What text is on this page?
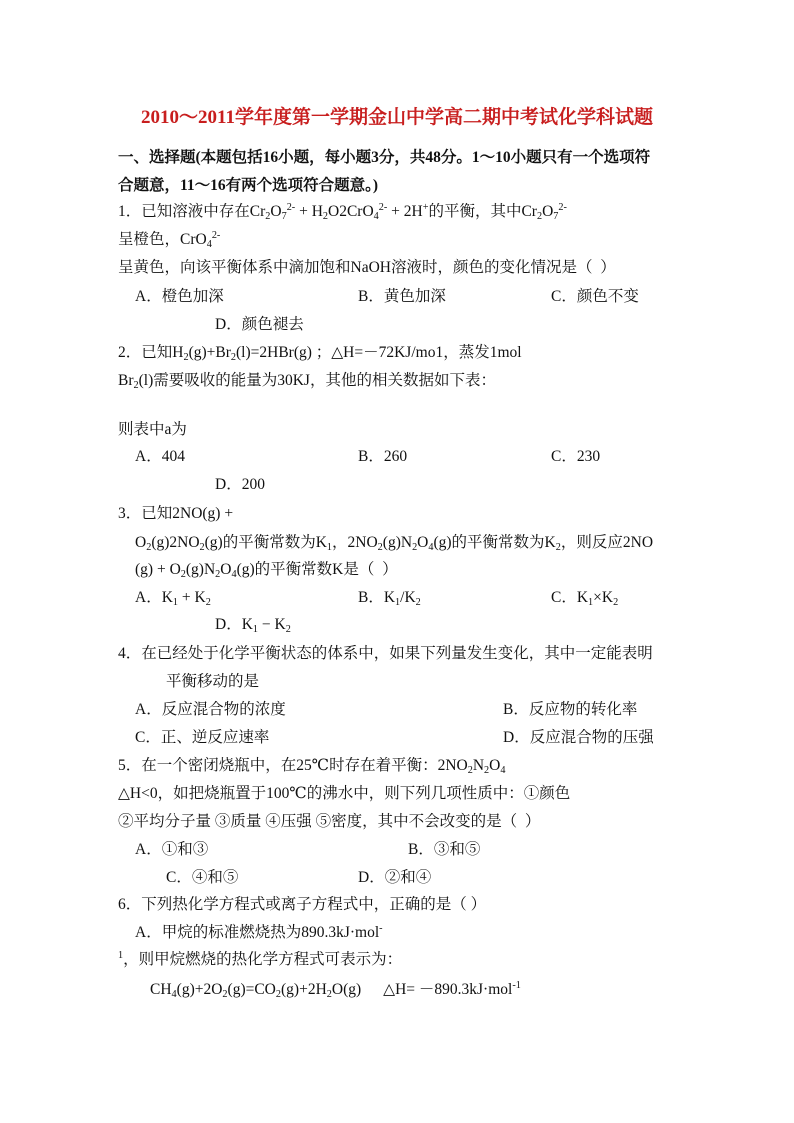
2010～2011学年度第一学期金山中学高二期中考试化学科试题
一、选择题(本题包括16小题，每小题3分，共48分。1～10小题只有一个选项符
合题意，11～16有两个选项符合题意。)
1．已知溶液中存在$Cr_2O_7^{2-} + H_2O2CrO_4^{2-} + 2H^+$的平衡，其中$Cr_2O_7^{2-}$
呈橙色，CrO$_4^{2-}$
呈黄色，向该平衡体系中滴加饱和NaOH溶液时，颜色的变化情况是（  ）
A．橙色加深	B．黄色加深	C．颜色不变
D．颜色褪去
2．已知$H_2(g)+Br_2(l)=2HBr(g)$ ；△H=－72KJ/mo1，蒸发1mol
$Br_2(l)$需要吸收的能量为30KJ，其他的相关数据如下表：
则表中a为
A．404	B．260	C．230
D．200
3．已知2NO(g) +
$O_2(g)2NO_2(g)$的平衡常数为$K_1$，$2NO_2(g)N_2O_4(g)$的平衡常数为$K_2$，则反应2NO
$(g) + O_2(g)N_2O_4(g)$的平衡常数K是（  ）
A．$K_1 + K_2$	B．$K_1/K_2$	C．$K_1\times K_2$
D．$K_1 - K_2$
4．在已经处于化学平衡状态的体系中，如果下列量发生变化，其中一定能表明
平衡移动的是
A．反应混合物的浓度	B．反应物的转化率
C．正、逆反应速率	D．反应混合物的压强
5．在一个密闭烧瓶中，在25℃时存在着平衡：$2NO_2N_2O_4$
△H<0，如把烧瓶置于100℃的沸水中，则下列几项性质中：①颜色
②平均分子量 ③质量 ④压强 ⑤密度，其中不会改变的是（  ）
A．①和③	B．③和⑤
C．④和⑤	D．②和④
6．下列热化学方程式或离子方程式中，正确的是（ ）
A．甲烷的标准燃烧热为890.3kJ·mol-
$^1$，则甲烷燃烧的热化学方程式可表示为：
$CH_4(g)+2O_2(g)=CO_2(g)+2H_2O(g)$ △H= －890.3kJ·mol$^{-1}$
